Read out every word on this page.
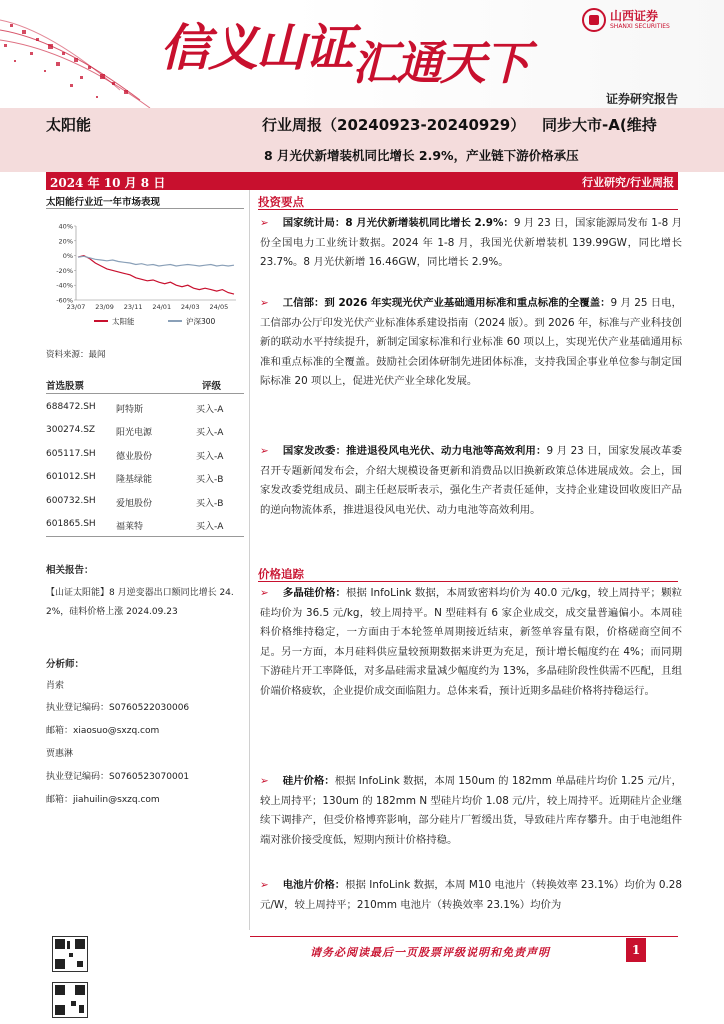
信义山证汇通天下
山西证券
SHANXI SECURITIES
证券研究报告
太阳能	行业周报（20240923-20240929） 同步大市-A(维持
8 月光伏新增装机同比增长 2.9%，产业链下游价格承压
2024 年 10 月 8 日	行业研究/行业周报
太阳能行业近一年市场表现
40%
20%
0%
-20%
-40%
-60%
23/07 23/09 23/11 24/01 24/03 24/05
太阳能	沪深300
资料来源：最闻
首选股票	评级
688472.SH 阿特斯	买入-A
300274.SZ 阳光电源	买入-A
605117.SH 德业股份	买入-A
601012.SH 隆基绿能	买入-B
600732.SH 爱旭股份	买入-B
601865.SH 福莱特	买入-A
相关报告：
【山证太阳能】8 月逆变器出口额同比增长 24. 2%，硅料价格上涨 2024.09.23
分析师：
肖索
执业登记编码：S0760522030006
邮箱：xiaosuo@sxzq.com
贾惠淋
执业登记编码：S0760523070001
邮箱：jiahuilin@sxzq.com
投资要点
➢ 国家统计局：8 月光伏新增装机同比增长 2.9%：9 月 23 日，国家能源局发布 1-8 月份全国电力工业统计数据。2024 年 1-8 月，我国光伏新增装机 139.99GW，同比增长 23.7%。8 月光伏新增 16.46GW，同比增长 2.9%。
➢ 工信部：到 2026 年实现光伏产业基础通用标准和重点标准的全覆盖：9 月 25 日电，工信部办公厅印发光伏产业标准体系建设指南（2024 版）。到 2026 年，标准与产业科技创新的联动水平持续提升，新制定国家标准和行业标准 60 项以上，实现光伏产业基础通用标准和重点标准的全覆盖。鼓励社会团体研制先进团体标准，支持我国企事业单位参与制定国际标准 20 项以上，促进光伏产业全球化发展。
➢ 国家发改委：推进退役风电光伏、动力电池等高效利用：9 月 23 日，国家发展改革委召开专题新闻发布会，介绍大规模设备更新和消费品以旧换新政策总体进展成效。会上，国家发改委党组成员、副主任赵辰昕表示，强化生产者责任延伸，支持企业建设回收废旧产品的逆向物流体系，推进退役风电光伏、动力电池等高效利用。
价格追踪
➢ 多晶硅价格：根据 InfoLink 数据，本周致密料均价为 40.0 元/kg，较上周持平；颗粒硅均价为 36.5 元/kg，较上周持平。N 型硅料有 6 家企业成交，成交量普遍偏小。本周硅料价格维持稳定，一方面由于本轮签单周期接近结束，新签单容量有限，价格磋商空间不足。另一方面，本月硅料供应量较预期数据来讲更为充足，预计增长幅度约在 4%；而同期下游硅片开工率降低，对多晶硅需求量减少幅度约为 13%，多晶硅阶段性供需不匹配，且组价端价格疲软，企业提价成交面临阻力。总体来看，预计近期多晶硅价格将持稳运行。
➢ 硅片价格：根据 InfoLink 数据，本周 150um 的 182mm 单晶硅片均价 1.25 元/片，较上周持平；130um 的 182mm N 型硅片均价 1.08 元/片，较上周持平。近期硅片企业继续下调排产，但受价格博弈影响，部分硅片厂暂缓出货，导致硅片库存攀升。由于电池组件端对涨价接受度低，短期内预计价格持稳。
➢ 电池片价格：根据 InfoLink 数据，本周 M10 电池片（转换效率 23.1%）均价为 0.28 元/W，较上周持平；210mm 电池片（转换效率 23.1%）均价为
请务必阅读最后一页股票评级说明和免责声明	1
